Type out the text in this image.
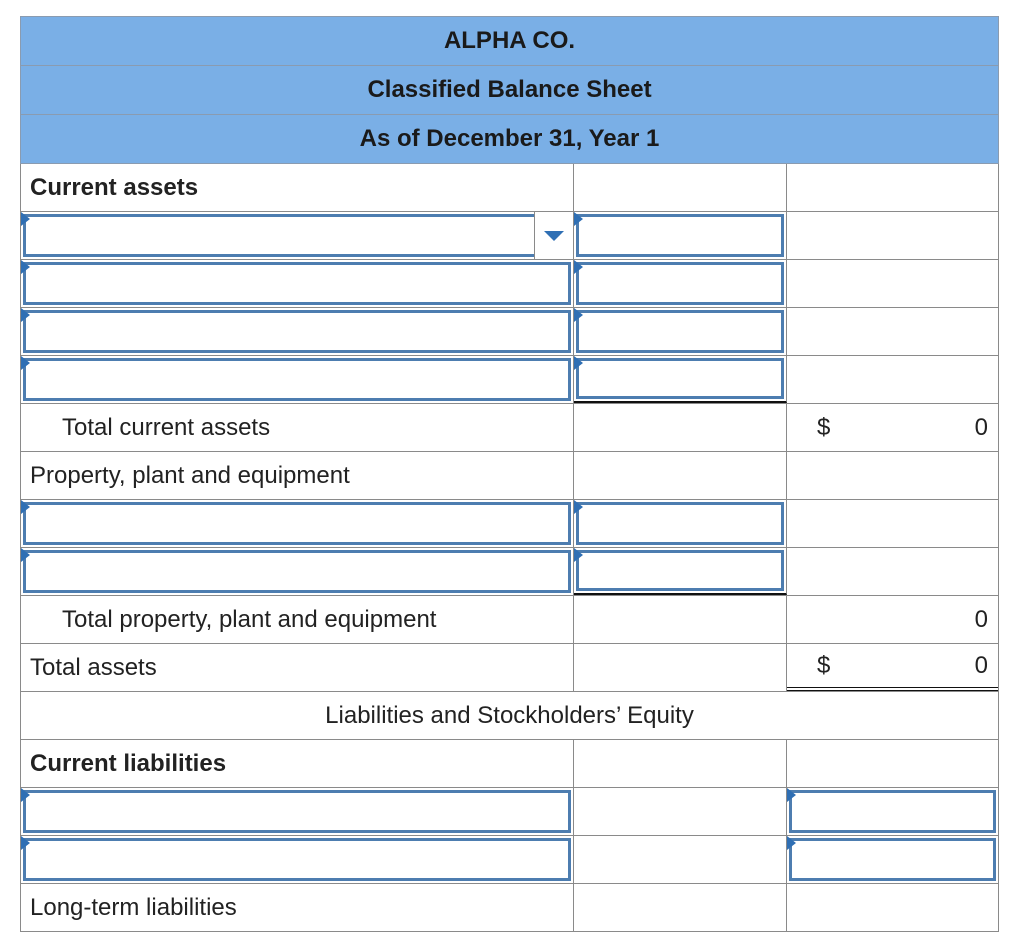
ALPHA CO.
Classified Balance Sheet
As of December 31, Year 1
Current assets
Total current assets	$	0
Property, plant and equipment
Total property, plant and equipment	0
Total assets	$	0
Liabilities and Stockholders’ Equity
Current liabilities
Long-term liabilities
